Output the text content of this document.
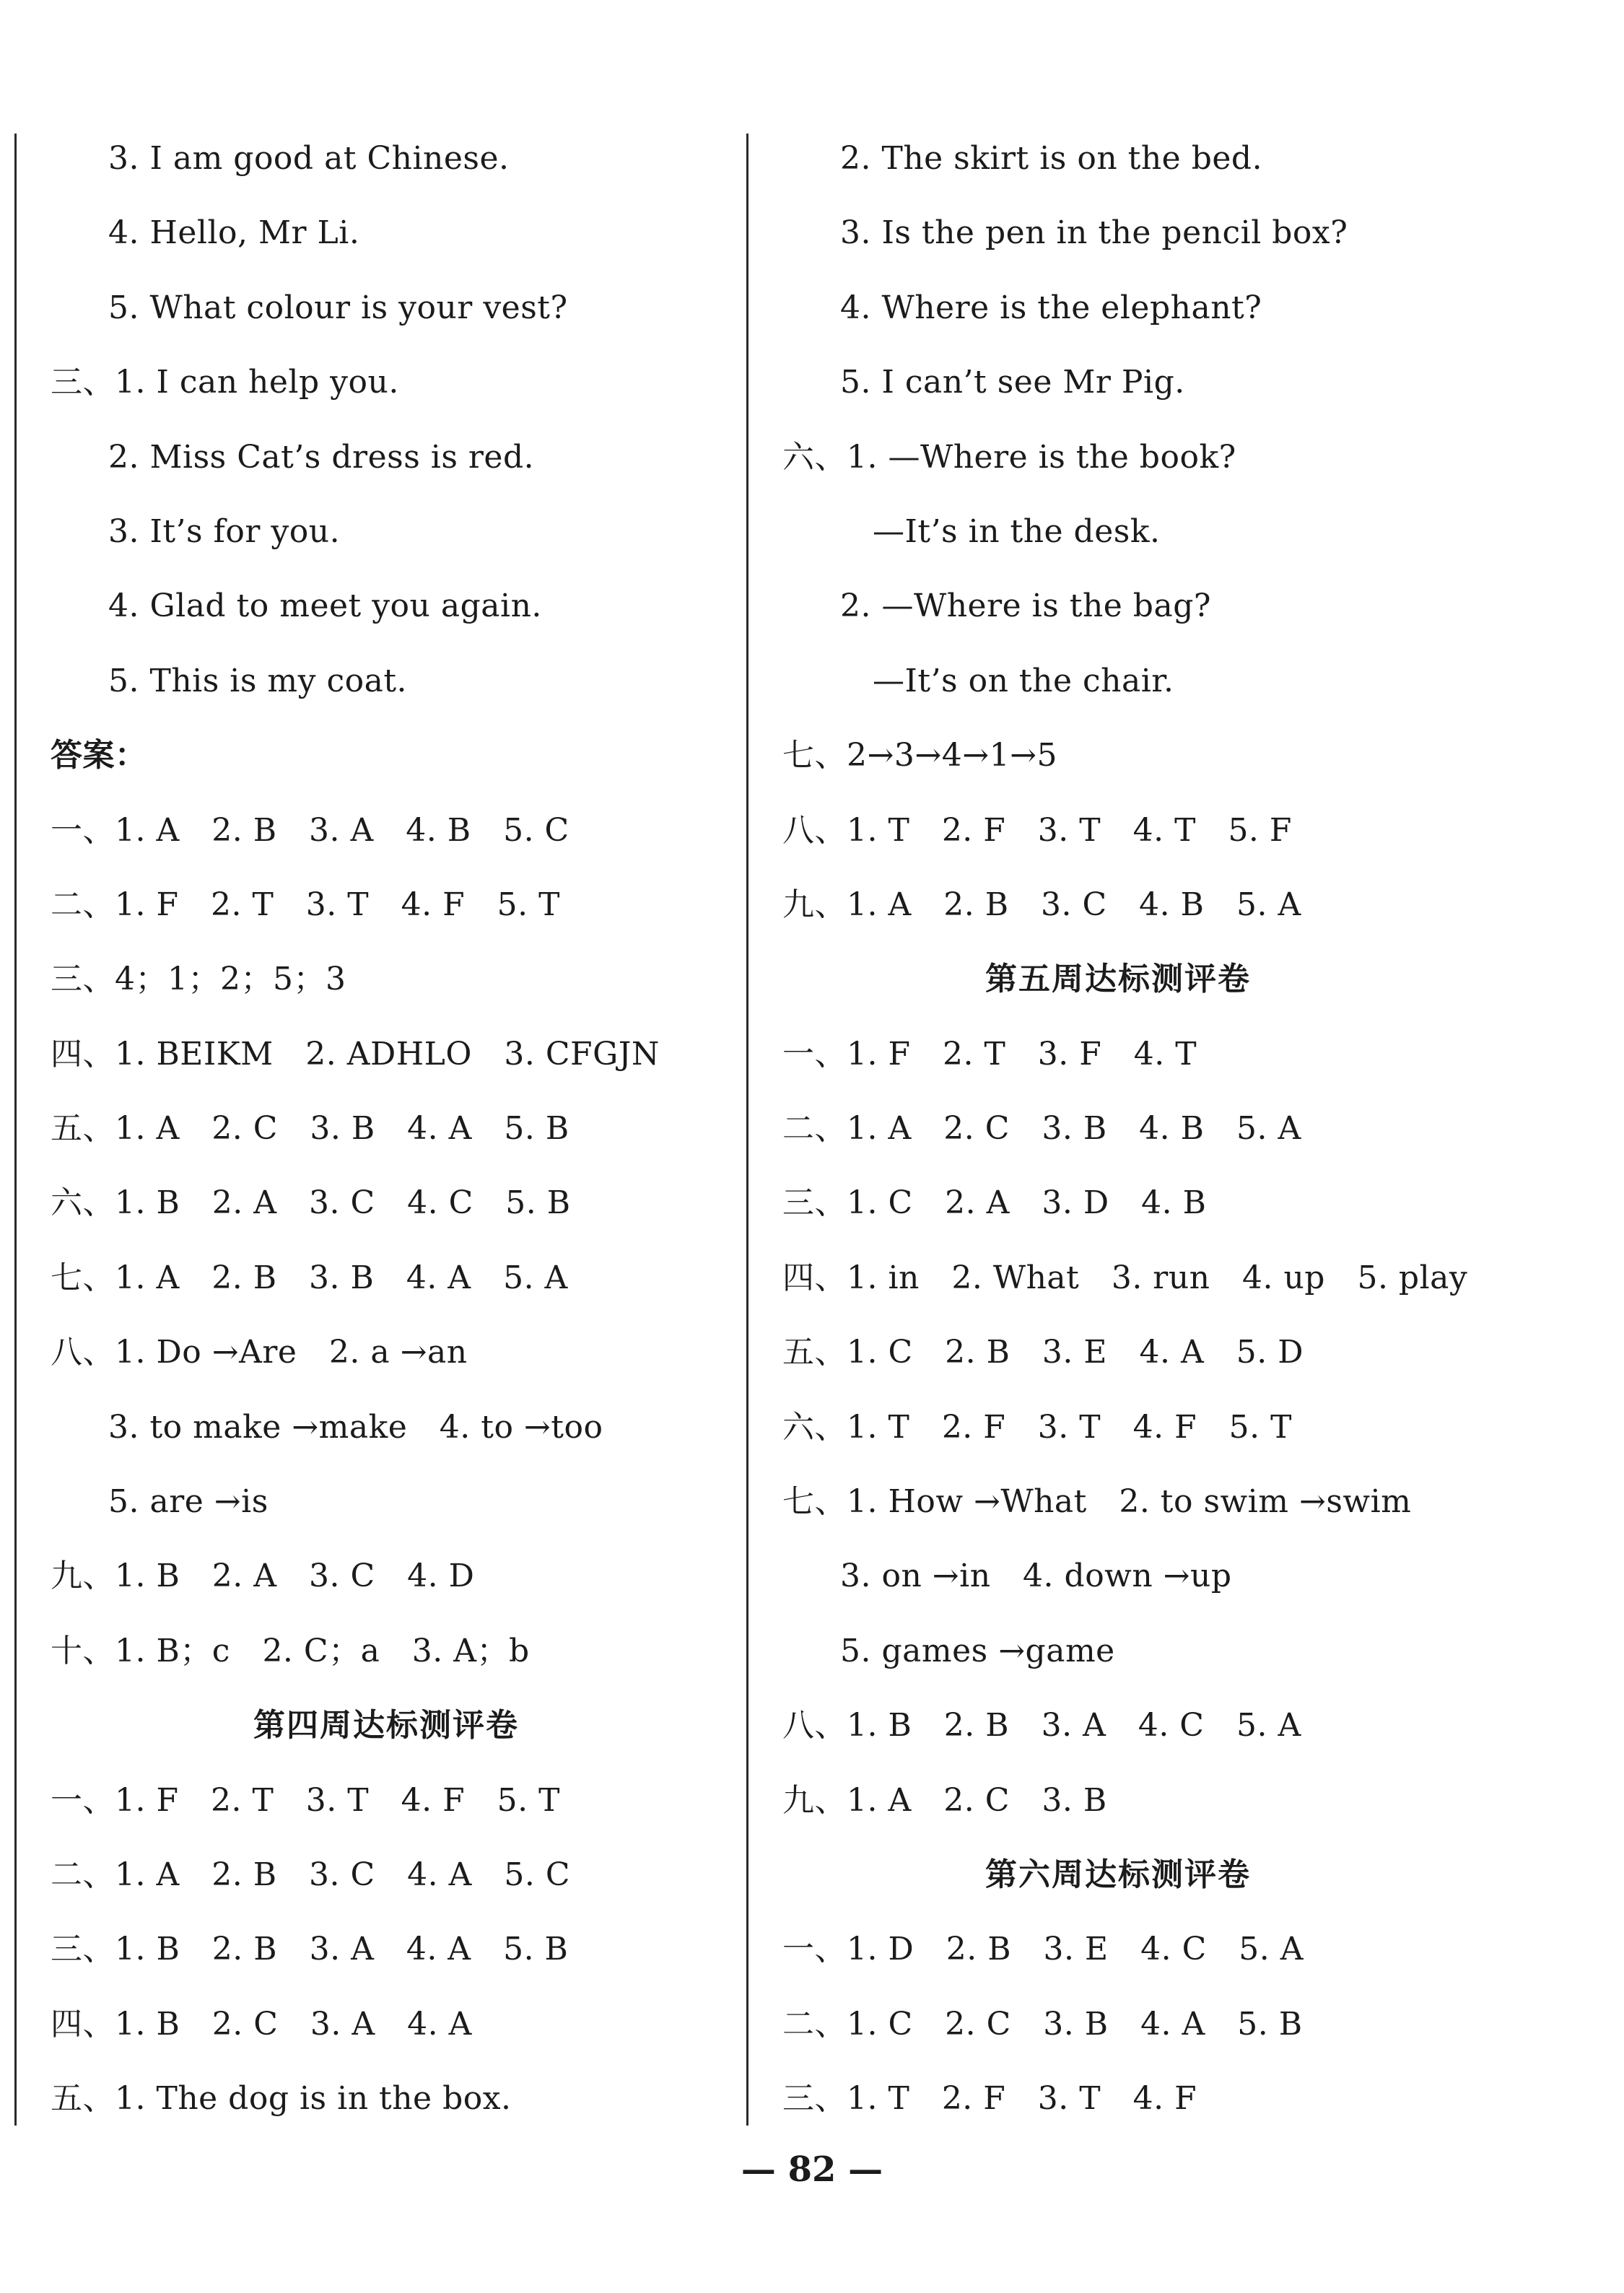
3. I am good at Chinese.
4. Hello, Mr Li.
5. What colour is your vest?
三、1. I can help you.
2. Miss Cat’s dress is red.
3. It’s for you.
4. Glad to meet you again.
5. This is my coat.
答案：
一、1. A　2. B　3. A　4. B　5. C
二、1. F　2. T　3. T　4. F　5. T
三、4；1；2；5；3
四、1. BEIKM　2. ADHLO　3. CFGJN
五、1. A　2. C　3. B　4. A　5. B
六、1. B　2. A　3. C　4. C　5. B
七、1. A　2. B　3. B　4. A　5. A
八、1. Do →Are　2. a →an
3. to make →make　4. to →too
5. are →is
九、1. B　2. A　3. C　4. D
十、1. B；c　2. C；a　3. A；b
第四周达标测评卷
一、1. F　2. T　3. T　4. F　5. T
二、1. A　2. B　3. C　4. A　5. C
三、1. B　2. B　3. A　4. A　5. B
四、1. B　2. C　3. A　4. A
五、1. The dog is in the box.
2. The skirt is on the bed.
3. Is the pen in the pencil box?
4. Where is the elephant?
5. I can’t see Mr Pig.
六、1. —Where is the book?
—It’s in the desk.
2. —Where is the bag?
—It’s on the chair.
七、2→3→4→1→5
八、1. T　2. F　3. T　4. T　5. F
九、1. A　2. B　3. C　4. B　5. A
第五周达标测评卷
一、1. F　2. T　3. F　4. T
二、1. A　2. C　3. B　4. B　5. A
三、1. C　2. A　3. D　4. B
四、1. in　2. What　3. run　4. up　5. play
五、1. C　2. B　3. E　4. A　5. D
六、1. T　2. F　3. T　4. F　5. T
七、1. How →What　2. to swim →swim
3. on →in　4. down →up
5. games →game
八、1. B　2. B　3. A　4. C　5. A
九、1. A　2. C　3. B
第六周达标测评卷
一、1. D　2. B　3. E　4. C　5. A
二、1. C　2. C　3. B　4. A　5. B
三、1. T　2. F　3. T　4. F
— 82 —
